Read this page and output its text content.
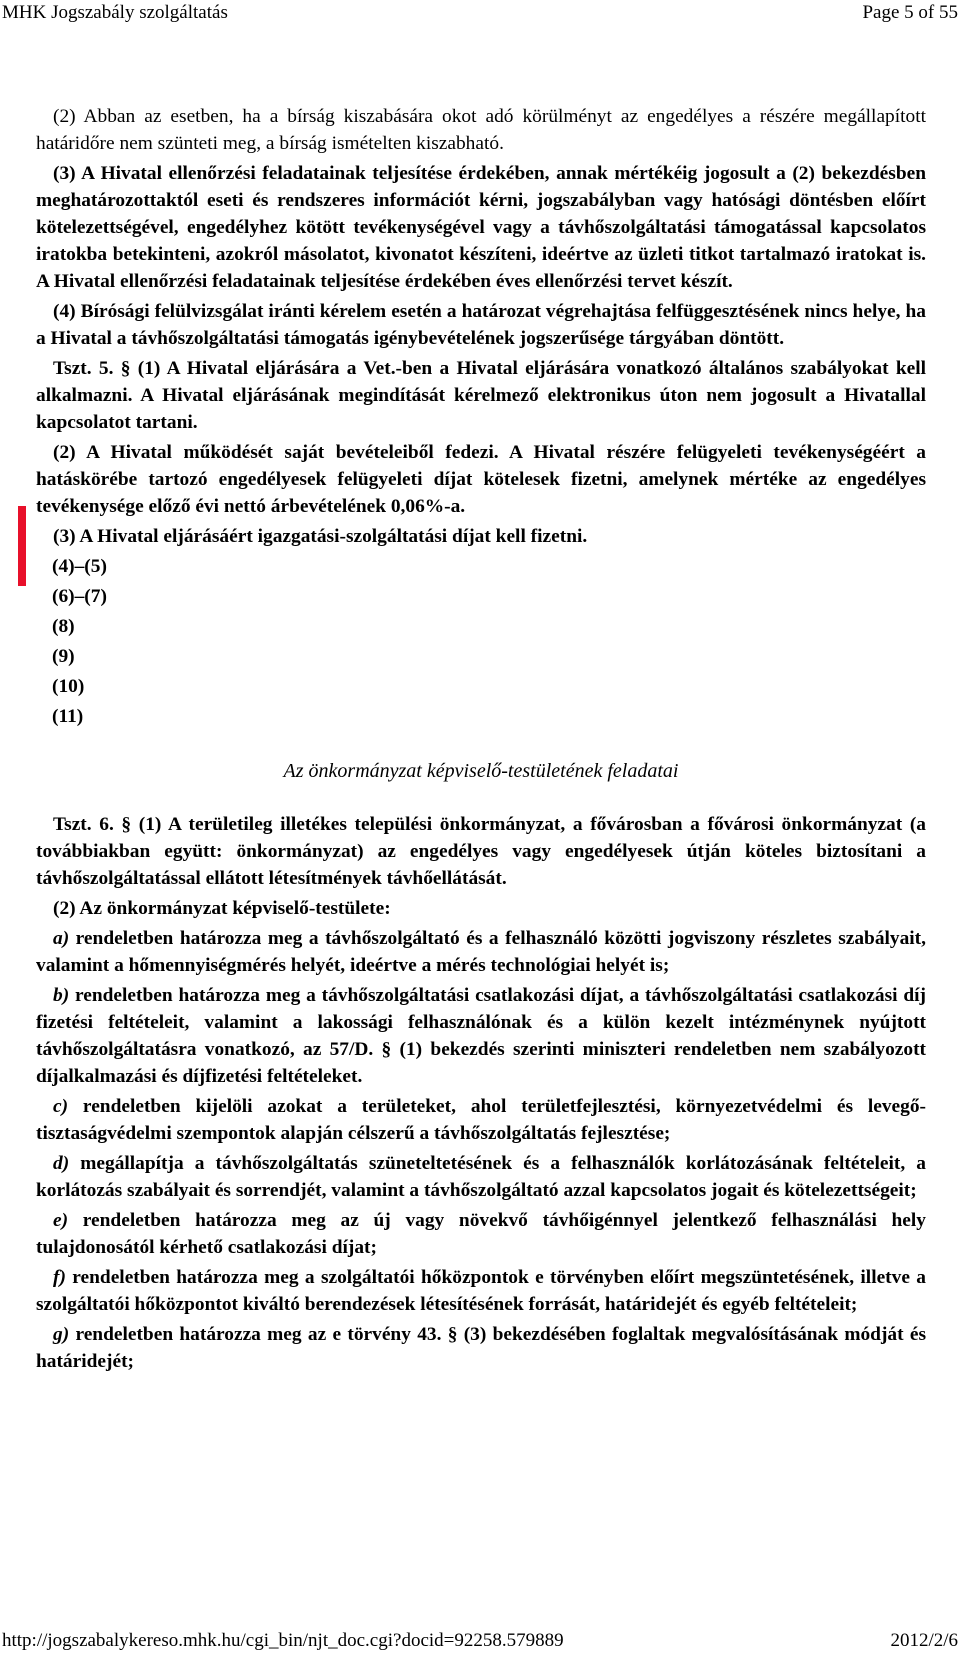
MHK Jogszabály szolgáltatás	Page 5 of 55

(2) Abban az esetben, ha a bírság kiszabására okot adó körülményt az engedélyes a részére megállapított határidőre nem szünteti meg, a bírság ismételten kiszabható.

(3) A Hivatal ellenőrzési feladatainak teljesítése érdekében, annak mértékéig jogosult a (2) bekezdésben meghatározottaktól eseti és rendszeres információt kérni, jogszabályban vagy hatósági döntésben előírt kötelezettségével, engedélyhez kötött tevékenységével vagy a távhőszolgáltatási támogatással kapcsolatos iratokba betekinteni, azokról másolatot, kivonatot készíteni, ideértve az üzleti titkot tartalmazó iratokat is. A Hivatal ellenőrzési feladatainak teljesítése érdekében éves ellenőrzési tervet készít.

(4) Bírósági felülvizsgálat iránti kérelem esetén a határozat végrehajtása felfüggesztésének nincs helye, ha a Hivatal a távhőszolgáltatási támogatás igénybevételének jogszerűsége tárgyában döntött.

Tszt. 5. § (1) A Hivatal eljárására a Vet.-ben a Hivatal eljárására vonatkozó általános szabályokat kell alkalmazni. A Hivatal eljárásának megindítását kérelmező elektronikus úton nem jogosult a Hivatallal kapcsolatot tartani.

(2) A Hivatal működését saját bevételeiből fedezi. A Hivatal részére felügyeleti tevékenységéért a hatáskörébe tartozó engedélyesek felügyeleti díjat kötelesek fizetni, amelynek mértéke az engedélyes tevékenysége előző évi nettó árbevételének 0,06%-a.

(3) A Hivatal eljárásáért igazgatási-szolgáltatási díjat kell fizetni.

(4)–(5)
(6)–(7)
(8)
(9)
(10)
(11)
Az önkormányzat képviselő-testületének feladatai

Tszt. 6. § (1) A területileg illetékes települési önkormányzat, a fővárosban a fővárosi önkormányzat (a továbbiakban együtt: önkormányzat) az engedélyes vagy engedélyesek útján köteles biztosítani a távhőszolgáltatással ellátott létesítmények távhőellátását.

(2) Az önkormányzat képviselő-testülete:

a) rendeletben határozza meg a távhőszolgáltató és a felhasználó közötti jogviszony részletes szabályait, valamint a hőmennyiségmérés helyét, ideértve a mérés technológiai helyét is;

b) rendeletben határozza meg a távhőszolgáltatási csatlakozási díjat, a távhőszolgáltatási csatlakozási díj fizetési feltételeit, valamint a lakossági felhasználónak és a külön kezelt intézménynek nyújtott távhőszolgáltatásra vonatkozó, az 57/D. § (1) bekezdés szerinti miniszteri rendeletben nem szabályozott díjalkalmazási és díjfizetési feltételeket.

c) rendeletben kijelöli azokat a területeket, ahol területfejlesztési, környezetvédelmi és levegő-tisztaságvédelmi szempontok alapján célszerű a távhőszolgáltatás fejlesztése;

d) megállapítja a távhőszolgáltatás szüneteltetésének és a felhasználók korlátozásának feltételeit, a korlátozás szabályait és sorrendjét, valamint a távhőszolgáltató azzal kapcsolatos jogait és kötelezettségeit;

e) rendeletben határozza meg az új vagy növekvő távhőigénnyel jelentkező felhasználási hely tulajdonosától kérhető csatlakozási díjat;

f) rendeletben határozza meg a szolgáltatói hőközpontok e törvényben előírt megszüntetésének, illetve a szolgáltatói hőközpontot kiváltó berendezések létesítésének forrását, határidejét és egyéb feltételeit;

g) rendeletben határozza meg az e törvény 43. § (3) bekezdésében foglaltak megvalósításának módját és határidejét;

http://jogszabalykereso.mhk.hu/cgi_bin/njt_doc.cgi?docid=92258.579889	2012/2/6
